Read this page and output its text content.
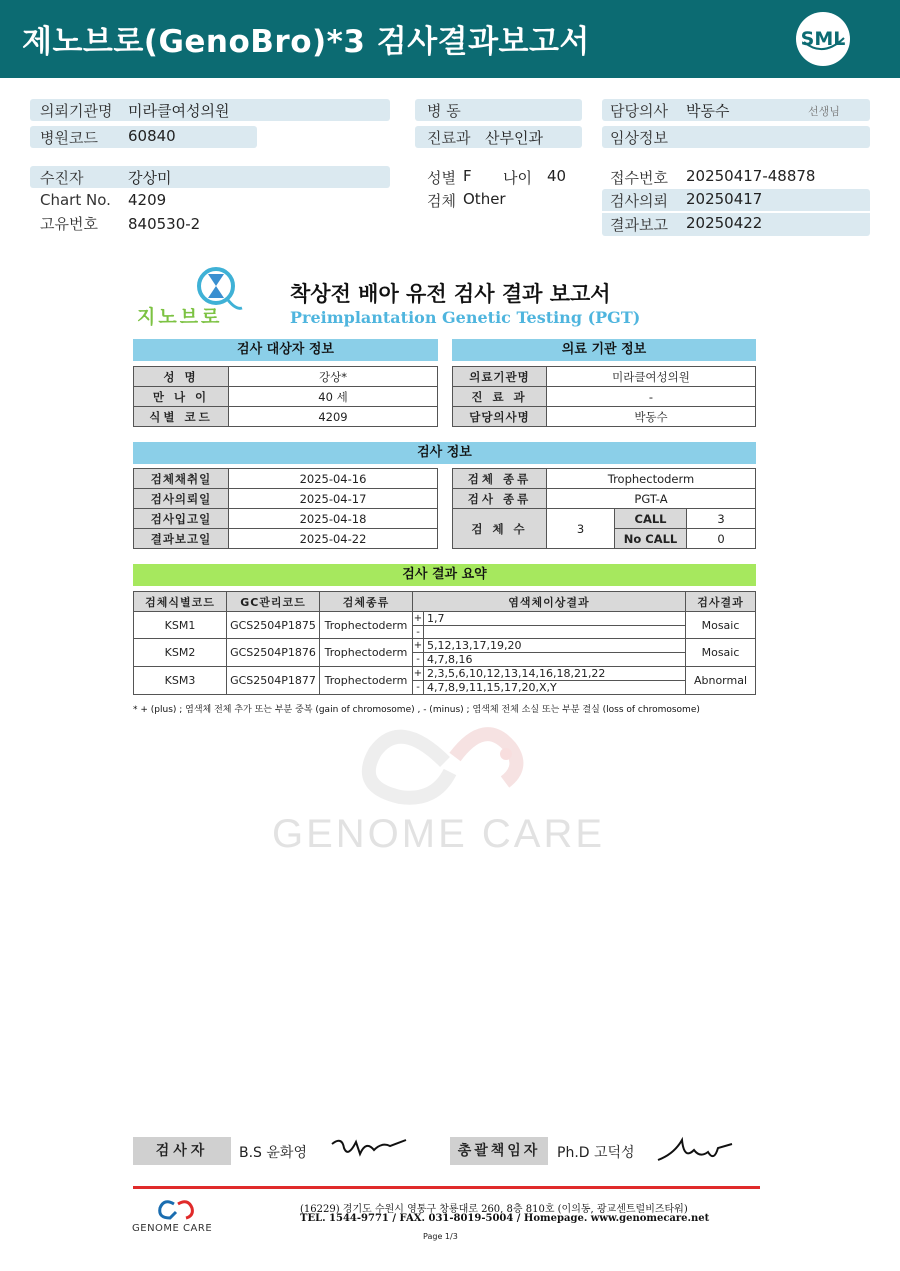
제노브로(GenoBro)*3 검사결과보고서	SML
의뢰기관명 미라클여성의원
병원코드 60840
병 동
진료과 산부인과
담당의사 박동수	선생님
임상정보
수진자	강상미
Chart No. 4209
고유번호 840530-2
성별 F 나이 40
검체 Other
접수번호 20250417-48878
검사의뢰 20250417
결과보고 20250422
지노브로
착상전 배아 유전 검사 결과 보고서
Preimplantation Genetic Testing (PGT)
검사 대상자 정보
성 명	강상*
만 나 이	40 세
식별 코드	4209
의료 기관 정보
의료기관명	미라클여성의원
진 료 과	-
담당의사명	박동수
검사 정보
검체채취일	2025-04-16
검사의뢰일	2025-04-17
검사입고일	2025-04-18
결과보고일	2025-04-22
검체 종류	Trophectoderm		
검사 종류	PGT-A		
검 체 수	3	CALL	3
		No CALL	0
검사 결과 요약
검체식별코드	GC관리코드	검체종류	염색체이상결과		검사결과
KSM1	GCS2504P1875	Trophectoderm	+	1,7	Mosaic
			-		
KSM2	GCS2504P1876	Trophectoderm	+	5,12,13,17,19,20	Mosaic
			-	4,7,8,16	
KSM3	GCS2504P1877	Trophectoderm	+	2,3,5,6,10,12,13,14,16,18,21,22	Abnormal
			-	4,7,8,9,11,15,17,20,X,Y	
* + (plus) ; 염색체 전체 추가 또는 부분 중복 (gain of chromosome) , - (minus) ; 염색체 전체 소실 또는 부분 결실 (loss of chromosome)
GENOME CARE
검사자	B.S 윤화영	총괄책임자	Ph.D 고덕성
GENOME CARE
(16229) 경기도 수원시 영통구 창룡대로 260, 8층 810호 (이의동, 광교센트럴비즈타워)
TEL. 1544-9771 / FAX. 031-8019-5004 / Homepage. www.genomecare.net
Page 1/3
